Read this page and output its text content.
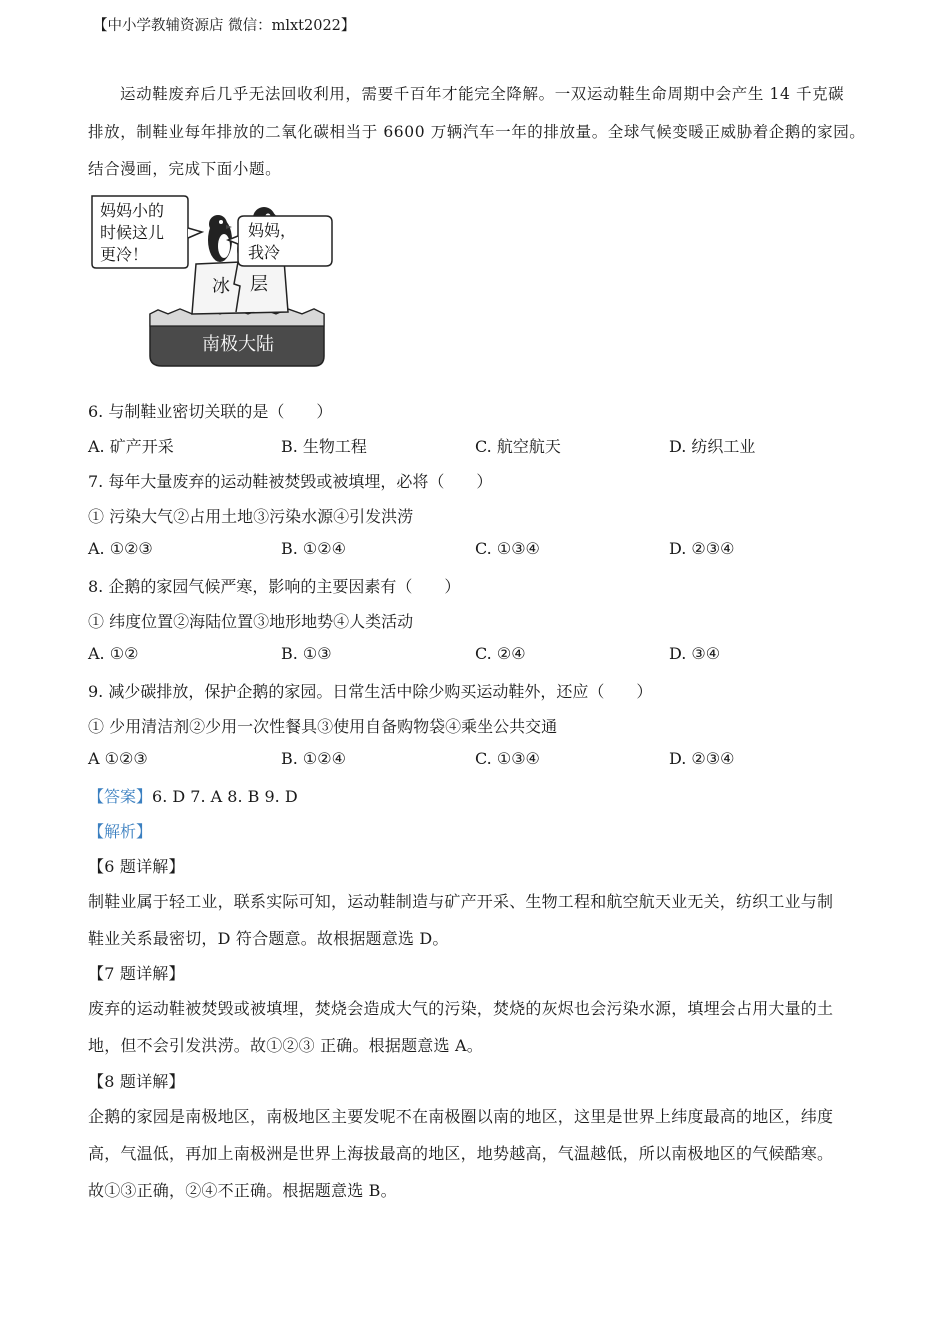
【中小学教辅资源店 微信：mlxt2022】
运动鞋废弃后几乎无法回收利用，需要千百年才能完全降解。一双运动鞋生命周期中会产生 14 千克碳
排放，制鞋业每年排放的二氧化碳相当于 6600 万辆汽车一年的排放量。全球气候变暖正威胁着企鹅的家园。
结合漫画，完成下面小题。
妈妈小的
时候这儿
更冷！
妈妈，
我冷
冰 层
南极大陆
6. 与制鞋业密切关联的是（　　）
A. 矿产开采	B. 生物工程	C. 航空航天	D. 纺织工业
7. 每年大量废弃的运动鞋被焚毁或被填埋，必将（　　）
① 污染大气②占用土地③污染水源④引发洪涝
A. ①②③	B. ①②④	C. ①③④	D. ②③④
8. 企鹅的家园气候严寒，影响的主要因素有（　　）
① 纬度位置②海陆位置③地形地势④人类活动
A. ①②	B. ①③	C. ②④	D. ③④
9. 减少碳排放，保护企鹅的家园。日常生活中除少购买运动鞋外，还应（　　）
① 少用清洁剂②少用一次性餐具③使用自备购物袋④乘坐公共交通
A ①②③	B. ①②④	C. ①③④	D. ②③④
【答案】6. D 7. A 8. B 9. D
【解析】
【6 题详解】
制鞋业属于轻工业，联系实际可知，运动鞋制造与矿产开采、生物工程和航空航天业无关，纺织工业与制
鞋业关系最密切，D 符合题意。故根据题意选 D。
【7 题详解】
废弃的运动鞋被焚毁或被填埋，焚烧会造成大气的污染，焚烧的灰烬也会污染水源，填埋会占用大量的土
地，但不会引发洪涝。故①②③ 正确。根据题意选 A。
【8 题详解】
企鹅的家园是南极地区，南极地区主要发呢不在南极圈以南的地区，这里是世界上纬度最高的地区，纬度
高，气温低，再加上南极洲是世界上海拔最高的地区，地势越高，气温越低，所以南极地区的气候酷寒。
故①③正确，②④不正确。根据题意选 B。
